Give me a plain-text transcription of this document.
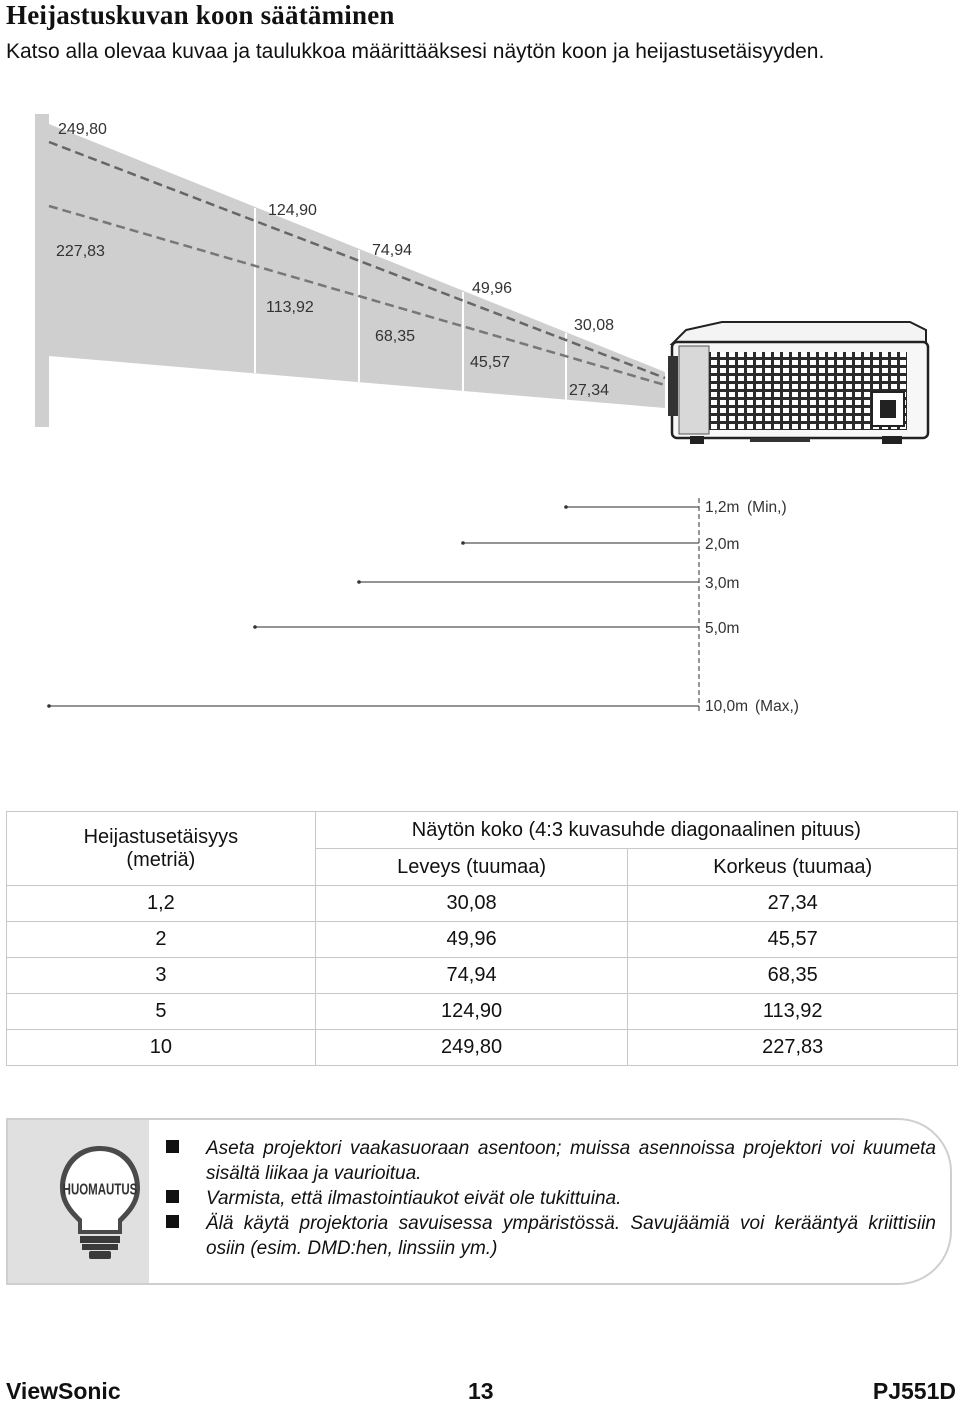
Heijastuskuvan koon säätäminen
Katso alla olevaa kuvaa ja taulukkoa määrittääksesi näytön koon ja heijastusetäisyyden.
249,80
124,90
74,94
49,96
30,08
227,83
113,92
68,35
45,57
27,34
1,2m (Min,)
2,0m
3,0m
5,0m
10,0m (Max,)
Heijastusetäisyys
(metriä)	Näytön koko (4:3 kuvasuhde diagonaalinen pituus)	
	Leveys (tuumaa)	Korkeus (tuumaa)
1,2	30,08	27,34
2	49,96	45,57
3	74,94	68,35
5	124,90	113,92
10	249,80	227,83
HUOMAUTUS
Aseta projektori vaakasuoraan asentoon; muissa asennoissa projektori voi kuumeta sisältä liikaa ja vaurioitua.
Varmista, että ilmastointiaukot eivät ole tukittuina.
Älä käytä projektoria savuisessa ympäristössä. Savujäämiä voi kerääntyä kriittisiin osiin (esim. DMD:hen, linssiin ym.)
ViewSonic	13	PJ551D
